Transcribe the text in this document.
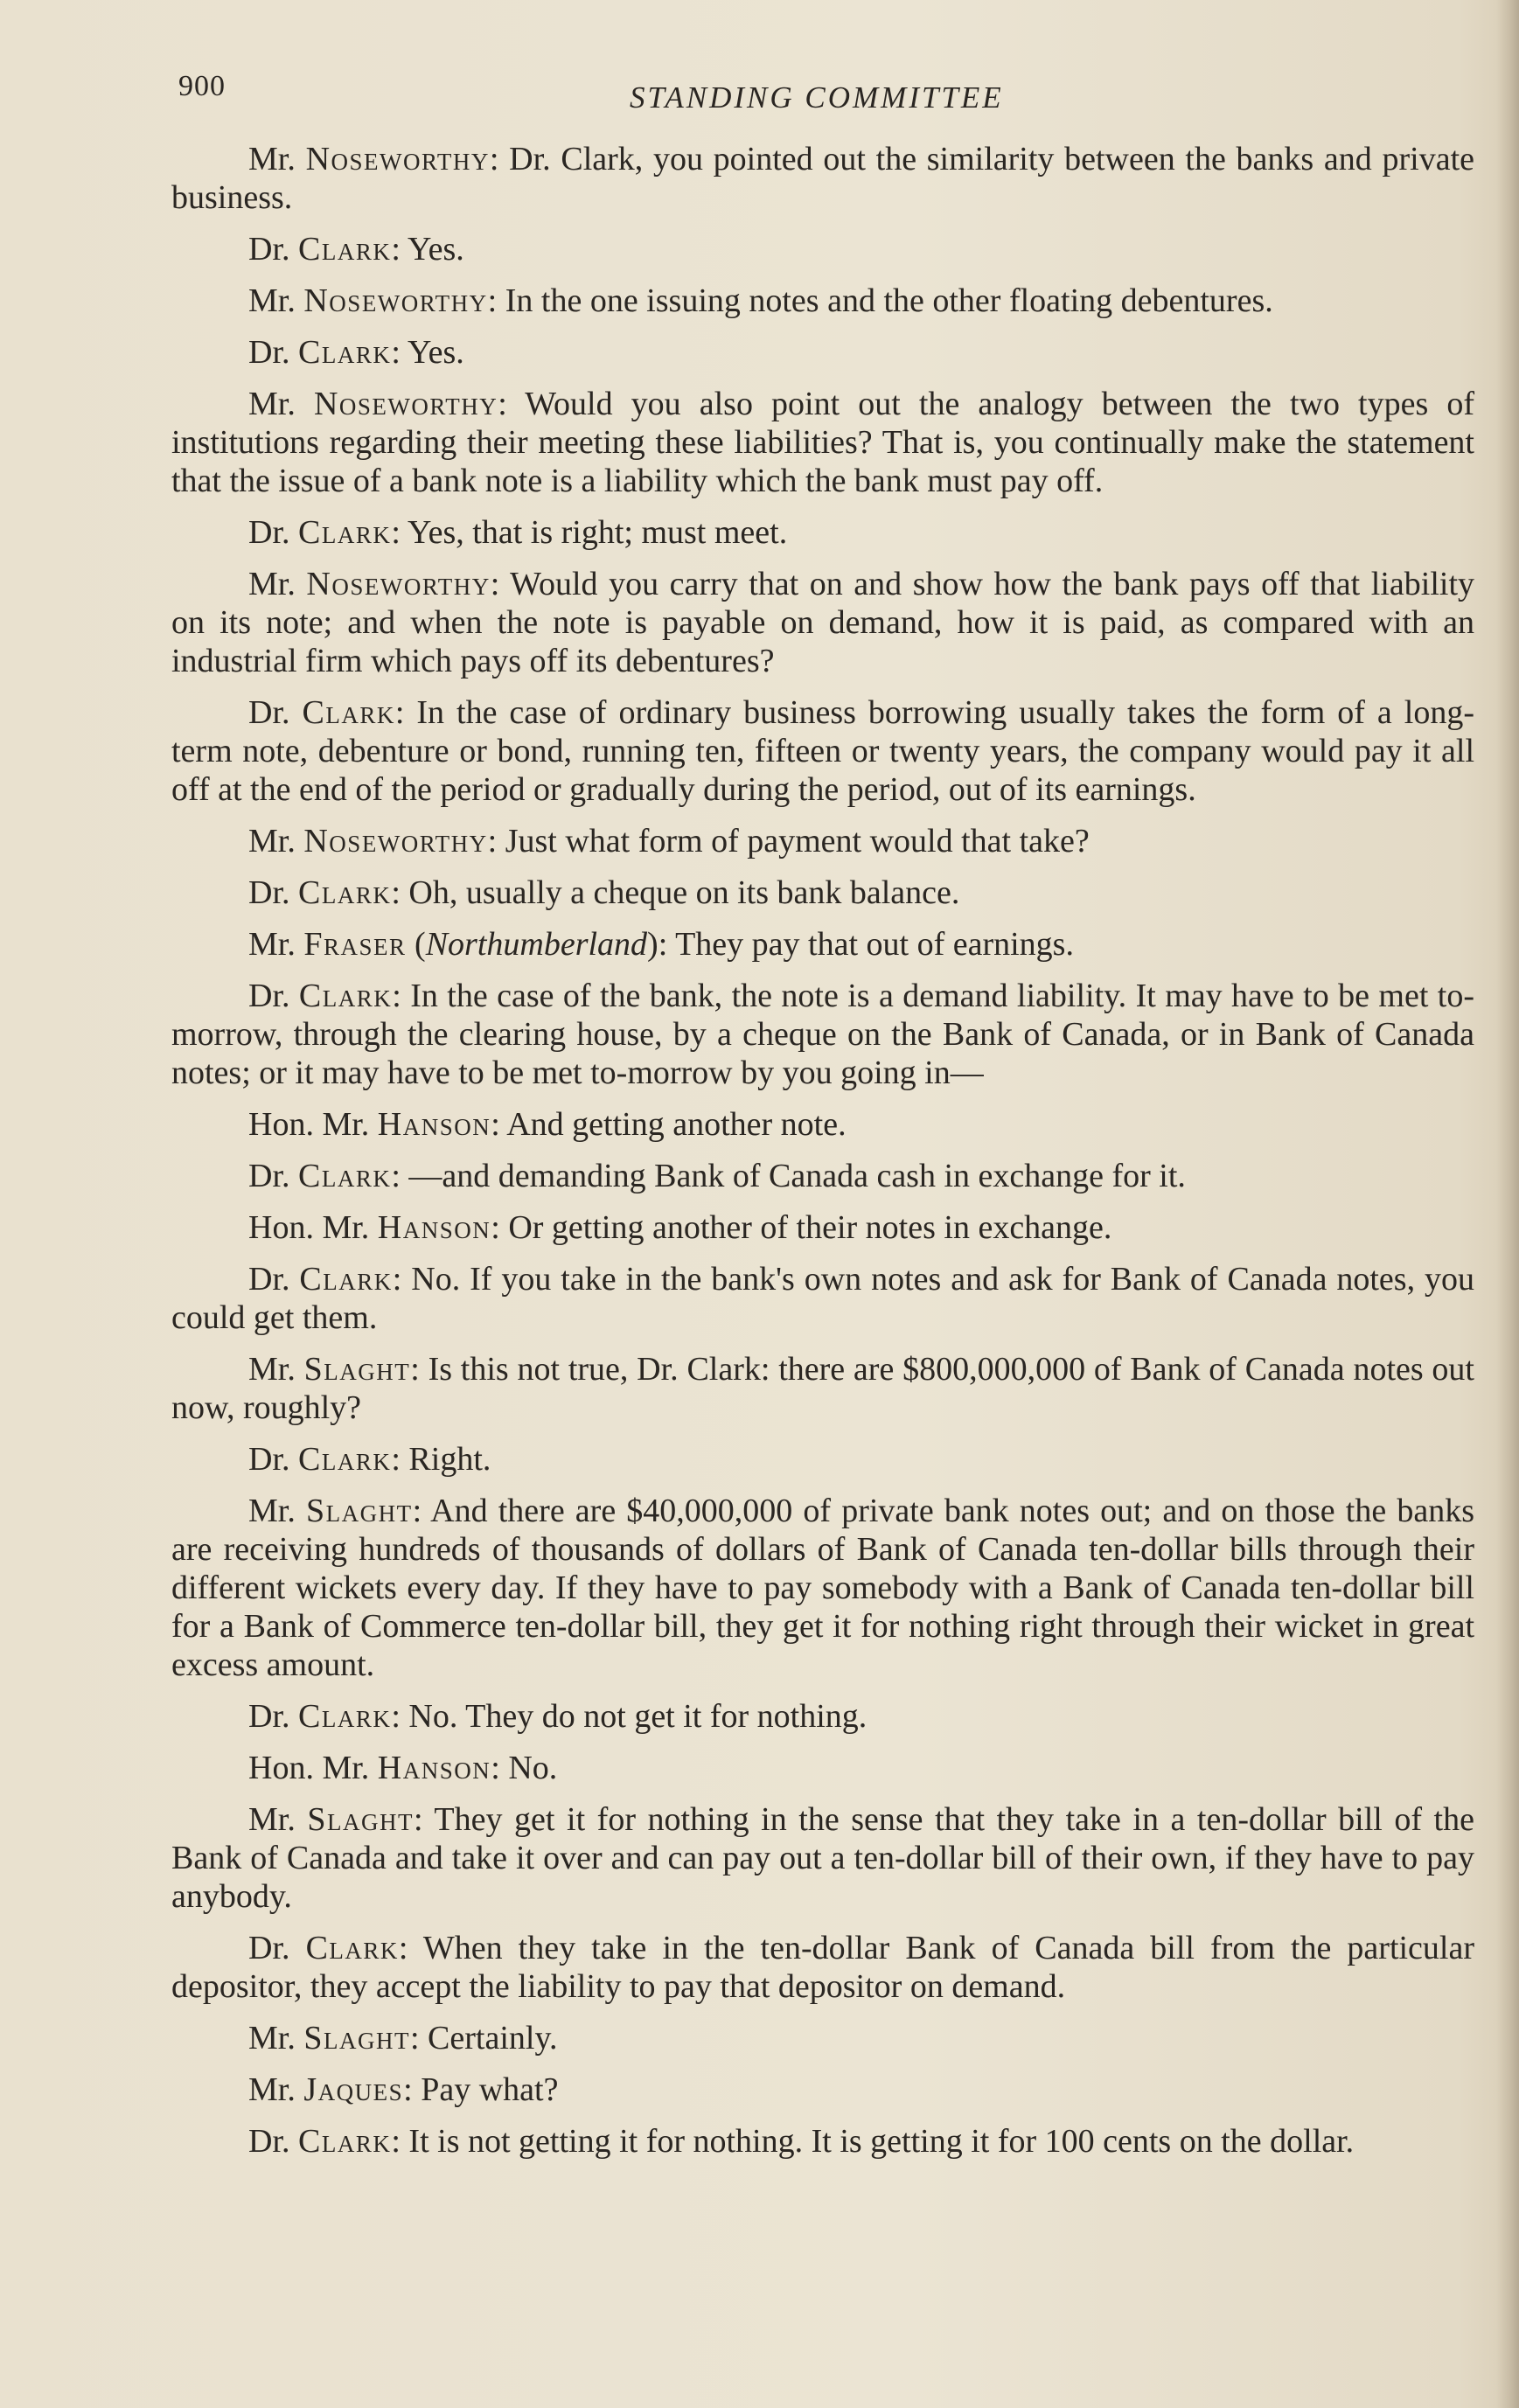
900	STANDING COMMITTEE

Mr. Noseworthy: Dr. Clark, you pointed out the similarity between the banks and private business.

Dr. Clark: Yes.

Mr. Noseworthy: In the one issuing notes and the other floating debentures.

Dr. Clark: Yes.

Mr. Noseworthy: Would you also point out the analogy between the two types of institutions regarding their meeting these liabilities? That is, you continually make the statement that the issue of a bank note is a liability which the bank must pay off.

Dr. Clark: Yes, that is right; must meet.

Mr. Noseworthy: Would you carry that on and show how the bank pays off that liability on its note; and when the note is payable on demand, how it is paid, as compared with an industrial firm which pays off its debentures?

Dr. Clark: In the case of ordinary business borrowing usually takes the form of a long-term note, debenture or bond, running ten, fifteen or twenty years, the company would pay it all off at the end of the period or gradually during the period, out of its earnings.

Mr. Noseworthy: Just what form of payment would that take?

Dr. Clark: Oh, usually a cheque on its bank balance.

Mr. Fraser (Northumberland): They pay that out of earnings.

Dr. Clark: In the case of the bank, the note is a demand liability. It may have to be met to-morrow, through the clearing house, by a cheque on the Bank of Canada, or in Bank of Canada notes; or it may have to be met to-morrow by you going in—

Hon. Mr. Hanson: And getting another note.

Dr. Clark: —and demanding Bank of Canada cash in exchange for it.

Hon. Mr. Hanson: Or getting another of their notes in exchange.

Dr. Clark: No. If you take in the bank's own notes and ask for Bank of Canada notes, you could get them.

Mr. Slaght: Is this not true, Dr. Clark: there are $800,000,000 of Bank of Canada notes out now, roughly?

Dr. Clark: Right.

Mr. Slaght: And there are $40,000,000 of private bank notes out; and on those the banks are receiving hundreds of thousands of dollars of Bank of Canada ten-dollar bills through their different wickets every day. If they have to pay somebody with a Bank of Canada ten-dollar bill for a Bank of Commerce ten-dollar bill, they get it for nothing right through their wicket in great excess amount.

Dr. Clark: No. They do not get it for nothing.

Hon. Mr. Hanson: No.

Mr. Slaght: They get it for nothing in the sense that they take in a ten-dollar bill of the Bank of Canada and take it over and can pay out a ten-dollar bill of their own, if they have to pay anybody.

Dr. Clark: When they take in the ten-dollar Bank of Canada bill from the particular depositor, they accept the liability to pay that depositor on demand.

Mr. Slaght: Certainly.

Mr. Jaques: Pay what?

Dr. Clark: It is not getting it for nothing. It is getting it for 100 cents on the dollar.
